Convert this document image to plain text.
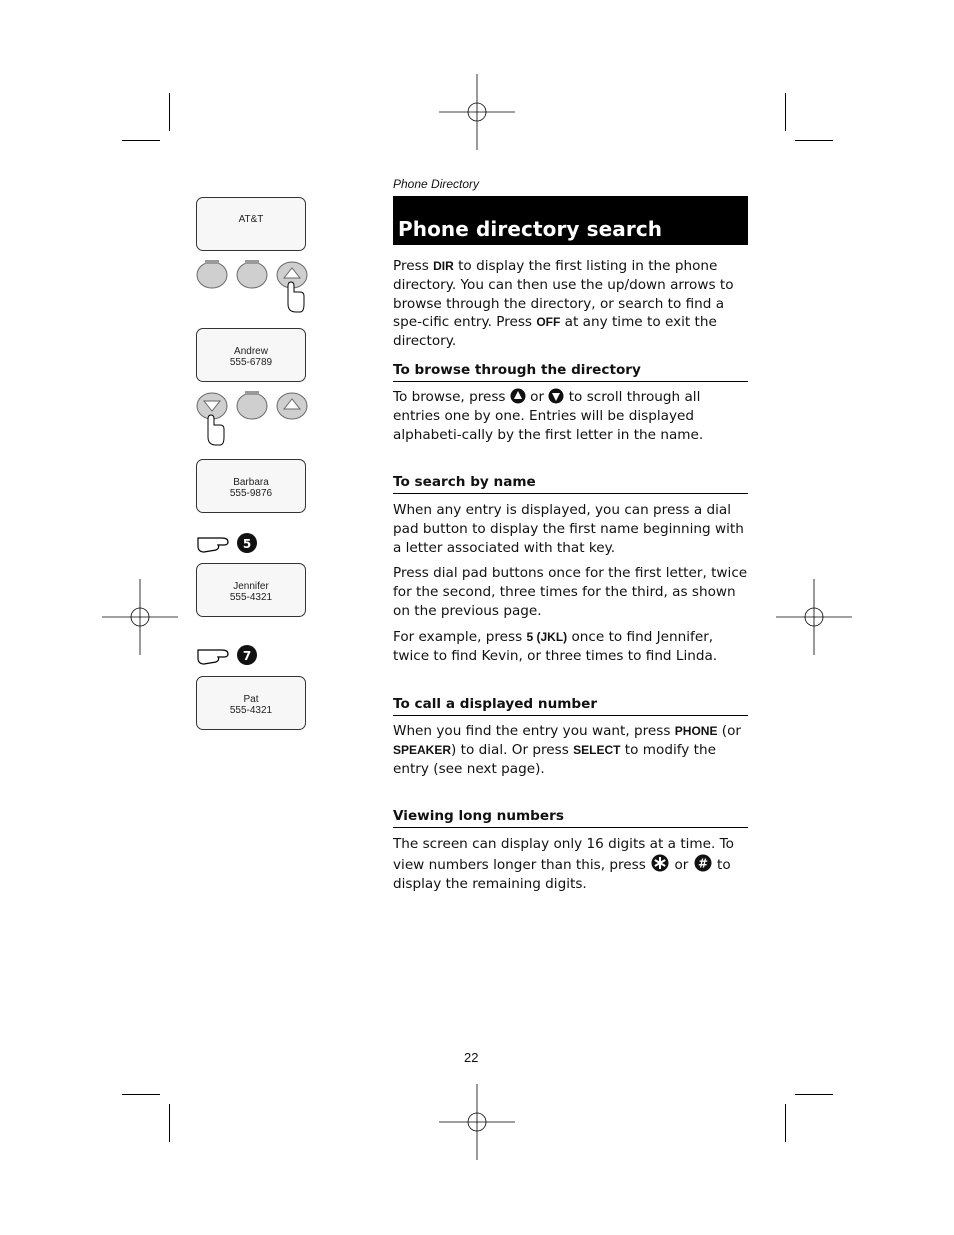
AT&T
Andrew
555-6789
Barbara
555-9876
5
Jennifer
555-4321
7
Pat
555-4321
Phone Directory
Phone directory search
Press DIR to display the first listing in the phone directory. You can then use the up/down arrows to browse through the directory, or search to find a spe-cific entry. Press OFF at any time to exit the directory.
To browse through the directory
To browse, press  or  to scroll through all entries one by one. Entries will be displayed alphabeti-cally by the first letter in the name.
To search by name
When any entry is displayed, you can press a dial pad button to display the first name beginning with a letter associated with that key.
Press dial pad buttons once for the first letter, twice for the second, three times for the third, as shown on the previous page.
For example, press 5 (JKL) once to find Jennifer, twice to find Kevin, or three times to find Linda.
To call a displayed number
When you find the entry you want, press PHONE (or SPEAKER) to dial. Or press SELECT to modify the entry (see next page).
Viewing long numbers
The screen can display only 16 digits at a time. To view numbers longer than this, press  or # to display the remaining digits.
22
